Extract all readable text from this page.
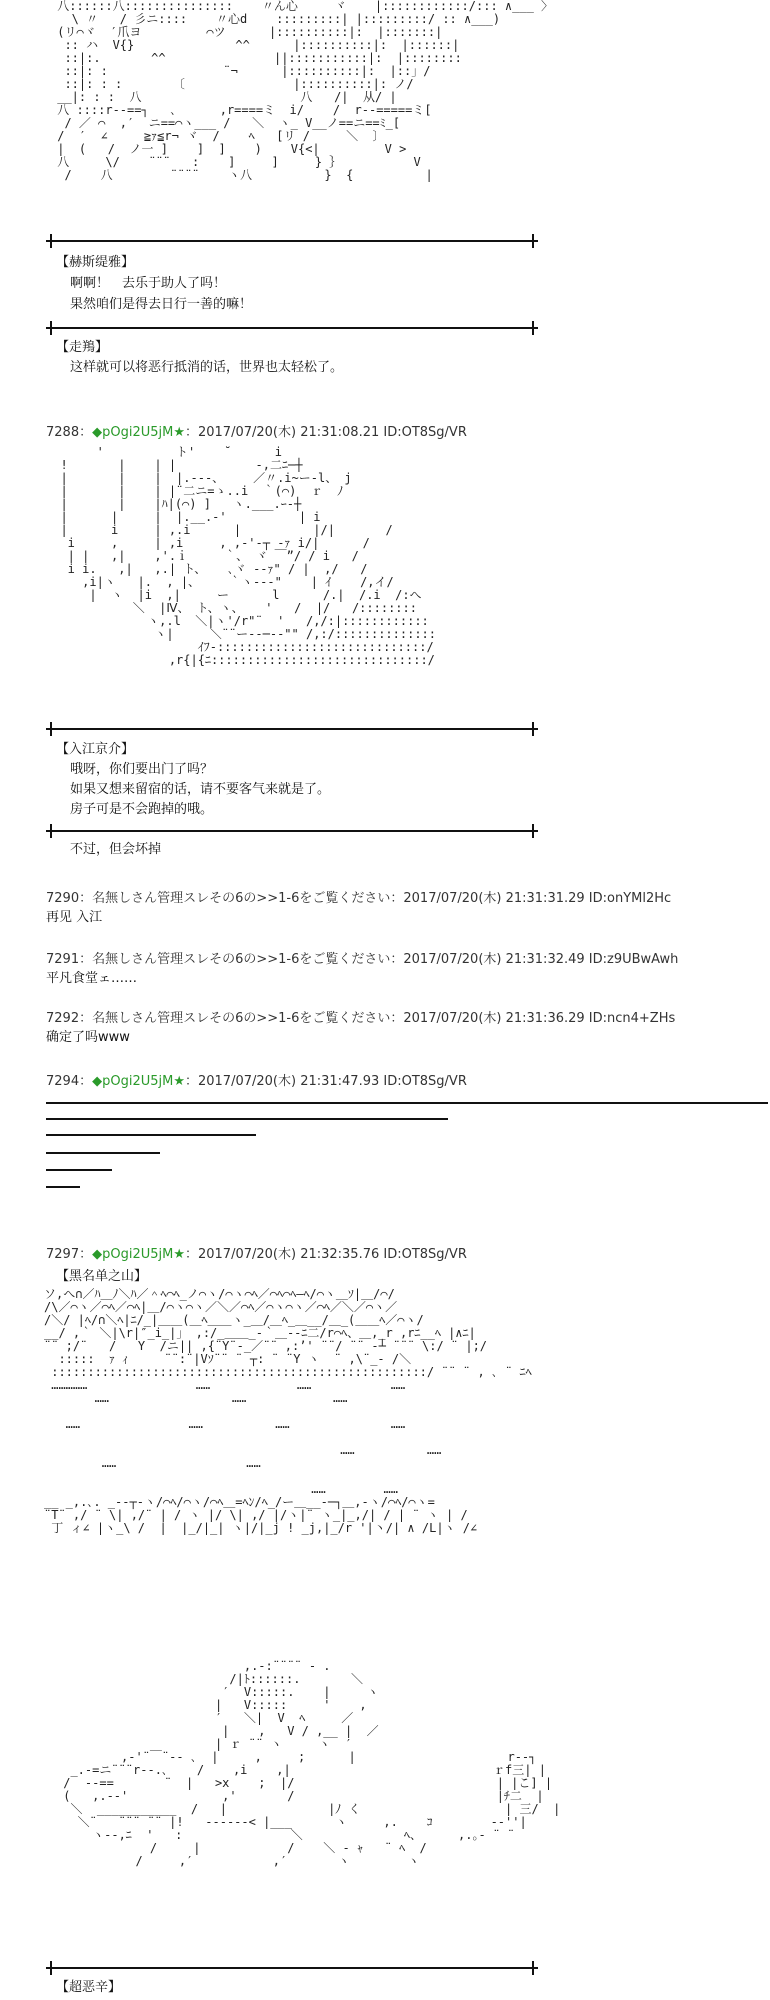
八::::::八:::::::::::::::    〃ん心     ヾ    |::::::::::::/::: ∧___ 〉
\ 〃   / 彡ニ::::    〃心d    :::::::::| |:::::::::/ :: ∧___)
(リ⌒ヾ  ′爪ヨ         ⌒ツ      |::::::::::|:  |:::::::|
:: ハ  V{}              ^^      |::::::::::|:  |::::::|
::|:.       ^^               ||:::::::::::|:  |::::::::
::|: :                ¨¬      |::::::::::|:  |::」/
::|: : :       〔               |::::::::::|: ノ/
__|: : :  八                      八   /|  从/ |
八 ::::r--==┐   ､      ,r====ミ  i/    /  r--=====ミ[
/ ／ ⌒  ,′  ニ==⌒ヽ___ /   ＼  ヽ_ V__ノ==ニ==ﾐ_[
/  ′  ∠     ≧ｧ≦r¬ ヾ  /    ﾍ   [リ /     ＼  〕
|  (   /  ノ一 ]    ]  ]    )    V{<|         V >
八     \/    ¨¨¨   :    ]     ]     } ｝          V
/    八        ¨¨¨¨    ヽ八          }  {          |

【赫斯缇雅】
啊啊！　去乐于助人了吗！
果然咱们是得去日行一善的嘛！
【走鴹】
这样就可以将恶行抵消的话，世界也太轻松了。
7288：◆pOgi2U5jM★：2017/07/20(木) 21:31:08.21 ID:OT8Sg/VR
'          ト'    ˘      i
!       |    | |           -,二ﾆ─┼
|       |    |  |.---、    ／〃.i~ー-l、 j
|       |    | |¨二ニ=ゝ..i  ｀(⌒)  ｒ  ﾉ
|       |    |ﾊ|(⌒) ]   ヽ.___.ｰ-┼
|      |     |  |.__.-'          | i
|      i     | ,.i      |          |/|       /
i     ,     | ,i     , ,-'‐┬ ‐ｧ i/|      /
| |   ,|    ,'.ｉ     ｀、 ヾ ￣”/ / i   /
i i.   ,|   ,.| ト、   ､ヾ ‐-ｧ" / |  ,/   /
,i|ヽ   |.  , |、    ｀ヽ--‐"    | ｲ    /,イ/
|  ヽ  |i  ,|     ー      l      /.|  /.i  /:へ
＼  |Ⅳ、 ト、ヽ、   '   /  |/   /::::::::
ヽ,.l  ＼|ヽ'/r"¨  '   /,/:|::::::::::::
ヽ|     ＼¨¨ー--─‐‐"" /,:/::::::::::::::
ｲﾌ-:::::::::::::::::::::::::::::/
,r{|{ﾆ::::::::::::::::::::::::::::::/

【入江京介】
哦呀，你们要出门了吗？
如果又想来留宿的话，请不要客气来就是了。
房子可是不会跑掉的哦。
不过，但会坏掉
7290：名無しさん管理スレその6の>>1-6をご覧ください：2017/07/20(木) 21:31:31.29 ID:onYMl2Hc
再见 入江
7291：名無しさん管理スレその6の>>1-6をご覧ください：2017/07/20(木) 21:31:32.49 ID:z9UBwAwh
平凡食堂ェ……
7292：名無しさん管理スレその6の>>1-6をご覧ください：2017/07/20(木) 21:31:36.29 ID:ncn4+ZHs
确定了吗www
7294：◆pOgi2U5jM★：2017/07/20(木) 21:31:47.93 ID:OT8Sg/VR
7297：◆pOgi2U5jM★：2017/07/20(木) 21:32:35.76 ID:OT8Sg/VR
【黑名单之山】
ソ,へ∩／ﾊ＿ﾉ＼ﾊ／＾ﾍ⌒ﾍ_ノ⌒ヽ/⌒ヽ⌒ﾍ／⌒ﾍ⌒ﾍ―ﾍ/⌒ヽ＿ｿ|＿/⌒/
/\／⌒ヽ／⌒ﾍ／⌒ﾍ|＿/⌒ヽ⌒ヽ／＼／⌒ﾍ／⌒ヽ⌒ヽ／⌒ﾍ／＼／⌒ヽ／
/＼/ |ﾍ/∩＼ﾍ|ﾆ/_|＿＿(＿ﾍ＿＿ヽ_＿/＿ﾍ_＿__/＿_(＿＿ﾍ／⌒ヽ/
__/ ,｀ ＼|\r|″_i_|」 ,:/_＿＿_-｀＿--ﾆ二/r⌒ﾍ、＿,_r ,rﾆ__ﾍ |∧ﾆ|
¨¨ ;/¨   /   Y  /ニ|| ,{¨Y¨‐_／¨¨ ,:’' ¨¨/ ¨¨ ‐┴ ¨¨¨ \:/ ¨ |;/
:::::  ｧ ｨ     ¨¨:¨|Vｿ¨¨ ¨ ┬: ¨ ¨Y ヽ  ¨ ,\¨_‐ /＼
::::::::::::::::::::::::::::::::::::::::::::::::::::/ ¨¨ ¨ , ､ ¨ ﾆﾍ
……………               ……            ……           ……
……                 ……            ……

……               ……          ……              ……

……          ……
……                  ……

……        ……
__ _,.､. _--┬-ヽ/⌒ﾍ/⌒ヽ/⌒ﾍ＿=ﾍﾝ/ﾍ_/ー＿__-─┐＿,-ヽ/⌒ﾍ/⌒ヽ=
¨T¨ ,/ ¨ \| ,/¨ | / ヽ |/ \| ,/ |/ヽ|¨ ヽ_|_,/| / | ¨ ヽ | /
丁 ィ∠ |ヽ_\ /  |  |_/|_| ヽ|/|_j ! _j,|_/r '|丶/| ∧ /L|ヽ /∠

,.-:¨¨¨¨ - .
/|ﾄ::::::.       ＼
′  V:::::.    |     ヽ
|   V:::::     '    ,
′   ＼|  V  ﾍ     ／
|    ,   V / ,__ |  ／
| ｒ ¨¨ ヽ     ヽ  ′
,-'¨￣¨‐- ､  |     ,     ;      |                     r-‐┐
_.-=ニ¨¨¨r--.､    /    ,i    ,|                            ｒf三| |
/  ‐-==       ¨  |   >x    ;  |/                            | |こ] |
(   ,.-‐'             ,'       /                            |ﾁ二  |
＼  ___________  /   |              |ﾉ く                    | 三/  |
＼¨   ¨¨¨ ¨¨ |!   -----‐< |___      ヽ     ,.    ｺ        ‐‐''|
ヽ-‐,ﾆ  '   :               ＼              ﾍ、     ,.｡‐ ¨ ¨
/     |            /    ＼ ‐ ｬ   ¨ ﾍ  /
/     ,′           ,′       ヽ        ヽ

【超恶辛】
